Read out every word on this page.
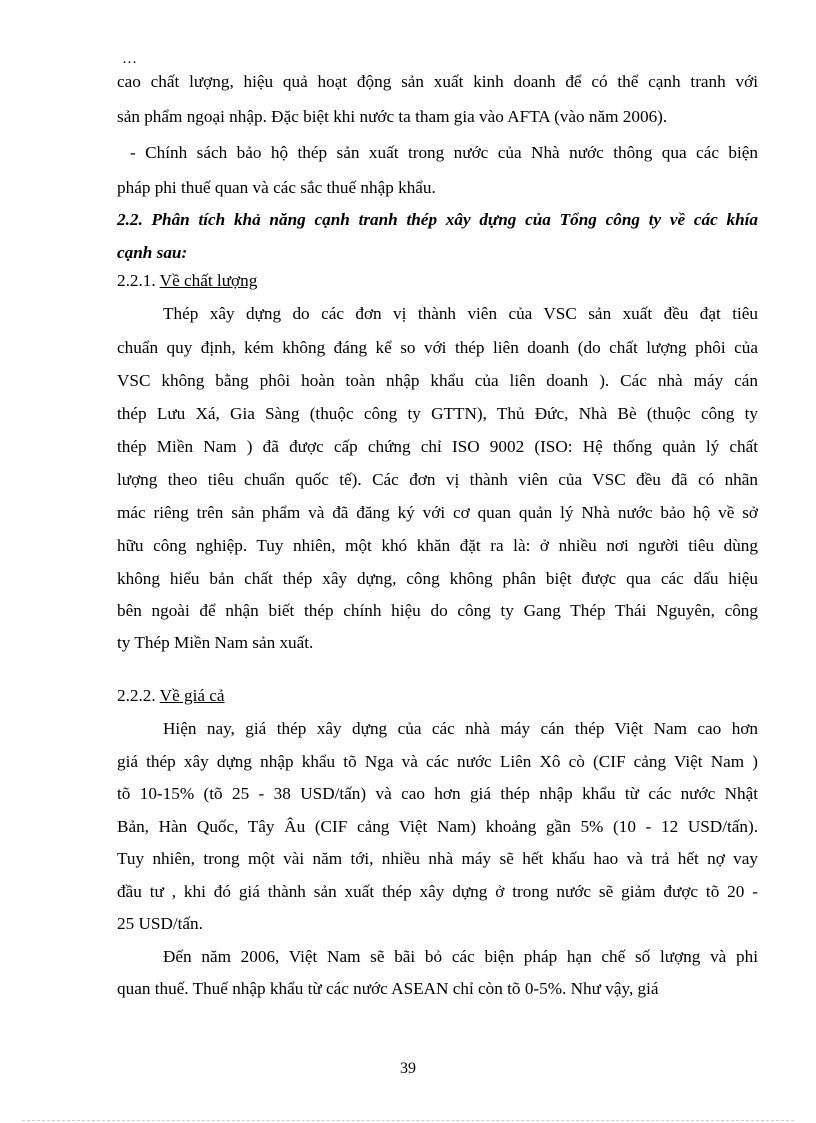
…
cao chất lượng, hiệu quả hoạt động sản xuất kinh doanh để có thể cạnh tranh với
sản phẩm ngoại nhập. Đặc biệt khi nước ta tham gia vào AFTA (vào năm 2006).
- Chính sách bảo hộ thép sản xuất trong nước của Nhà nước thông qua các biện
pháp phi thuế quan và các sắc thuế nhập khẩu.
2.2. Phân tích khả năng cạnh tranh thép xây dựng của Tổng công ty về các khía
cạnh sau:
2.2.1. Về chất lượng
Thép xây dựng do các đơn vị thành viên của VSC sản xuất đều đạt tiêu
chuẩn quy định, kém không đáng kể so với thép liên doanh (do chất lượng phôi của
VSC không bằng phôi hoàn toàn nhập khẩu của liên doanh ). Các nhà máy cán
thép Lưu Xá, Gia Sàng (thuộc công ty GTTN), Thủ Đức, Nhà Bè (thuộc công ty
thép Miền Nam ) đã được cấp chứng chỉ ISO 9002 (ISO: Hệ thống quản lý chất
lượng theo tiêu chuẩn quốc tế). Các đơn vị thành viên của VSC đều đã có nhãn
mác riêng trên sản phẩm và đã đăng ký với cơ quan quản lý Nhà nước bảo hộ về sở
hữu công nghiệp. Tuy nhiên, một khó khăn đặt ra là: ở nhiều nơi người tiêu dùng
không hiểu bản chất thép xây dựng, công không phân biệt được qua các dấu hiệu
bên ngoài để nhận biết thép chính hiệu do công ty Gang Thép Thái Nguyên, công
ty Thép Miền Nam sản xuất.
2.2.2. Về giá cả
Hiện nay, giá thép xây dựng của các nhà máy cán thép Việt Nam cao hơn
giá thép xây dựng nhập khẩu tõ Nga và các nước Liên Xô cò (CIF cảng Việt Nam )
tõ 10-15% (tõ 25 - 38 USD/tấn) và cao hơn giá thép nhập khẩu từ các nước Nhật
Bản, Hàn Quốc, Tây Âu (CIF cảng Việt Nam) khoảng gần 5% (10 - 12 USD/tấn).
Tuy nhiên, trong một vài năm tới, nhiều nhà máy sẽ hết khấu hao và trả hết nợ vay
đầu tư , khi đó giá thành sản xuất thép xây dựng ở trong nước sẽ giảm được tõ 20 -
25 USD/tấn.
Đến năm 2006, Việt Nam sẽ bãi bỏ các biện pháp hạn chế số lượng và phi
quan thuế. Thuế nhập khẩu từ các nước ASEAN chỉ còn tõ 0-5%. Như vậy, giá
39
